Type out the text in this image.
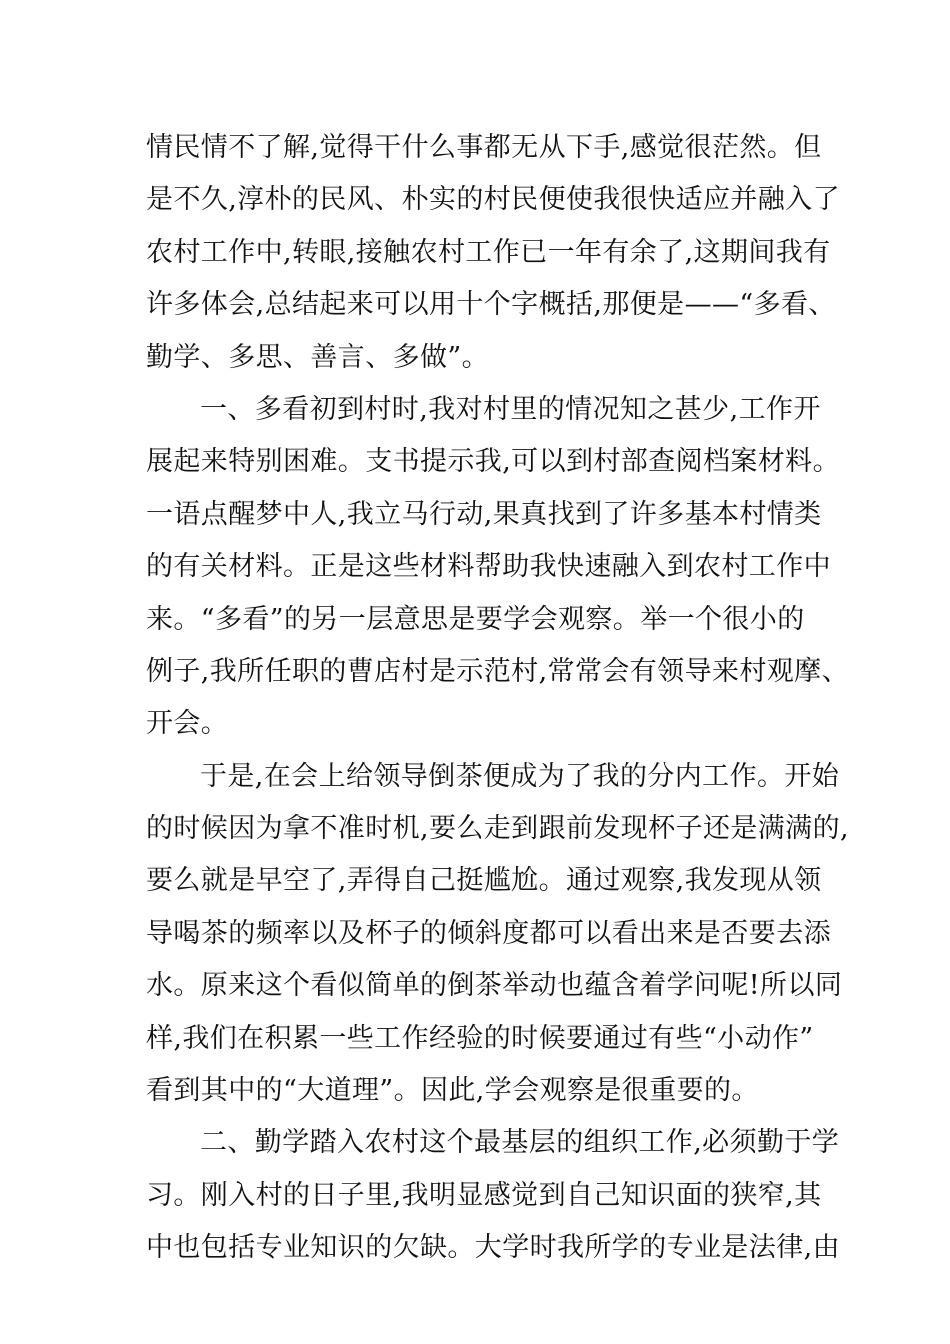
情民情不了解,觉得干什么事都无从下手,感觉很茫然。但
是不久,淳朴的民风、朴实的村民便使我很快适应并融入了
农村工作中,转眼,接触农村工作已一年有余了,这期间我有
许多体会,总结起来可以用十个字概括,那便是——“多看、
勤学、多思、善言、多做”。
一、多看初到村时,我对村里的情况知之甚少,工作开
展起来特别困难。支书提示我,可以到村部查阅档案材料。
一语点醒梦中人,我立马行动,果真找到了许多基本村情类
的有关材料。正是这些材料帮助我快速融入到农村工作中
来。“多看”的另一层意思是要学会观察。举一个很小的
例子,我所任职的曹店村是示范村,常常会有领导来村观摩、
开会。
于是,在会上给领导倒茶便成为了我的分内工作。开始
的时候因为拿不准时机,要么走到跟前发现杯子还是满满的,
要么就是早空了,弄得自己挺尴尬。通过观察,我发现从领
导喝茶的频率以及杯子的倾斜度都可以看出来是否要去添
水。原来这个看似简单的倒茶举动也蕴含着学问呢!所以同
样,我们在积累一些工作经验的时候要通过有些“小动作”
看到其中的“大道理”。因此,学会观察是很重要的。
二、勤学踏入农村这个最基层的组织工作,必须勤于学
习。刚入村的日子里,我明显感觉到自己知识面的狭窄,其
中也包括专业知识的欠缺。大学时我所学的专业是法律,由
